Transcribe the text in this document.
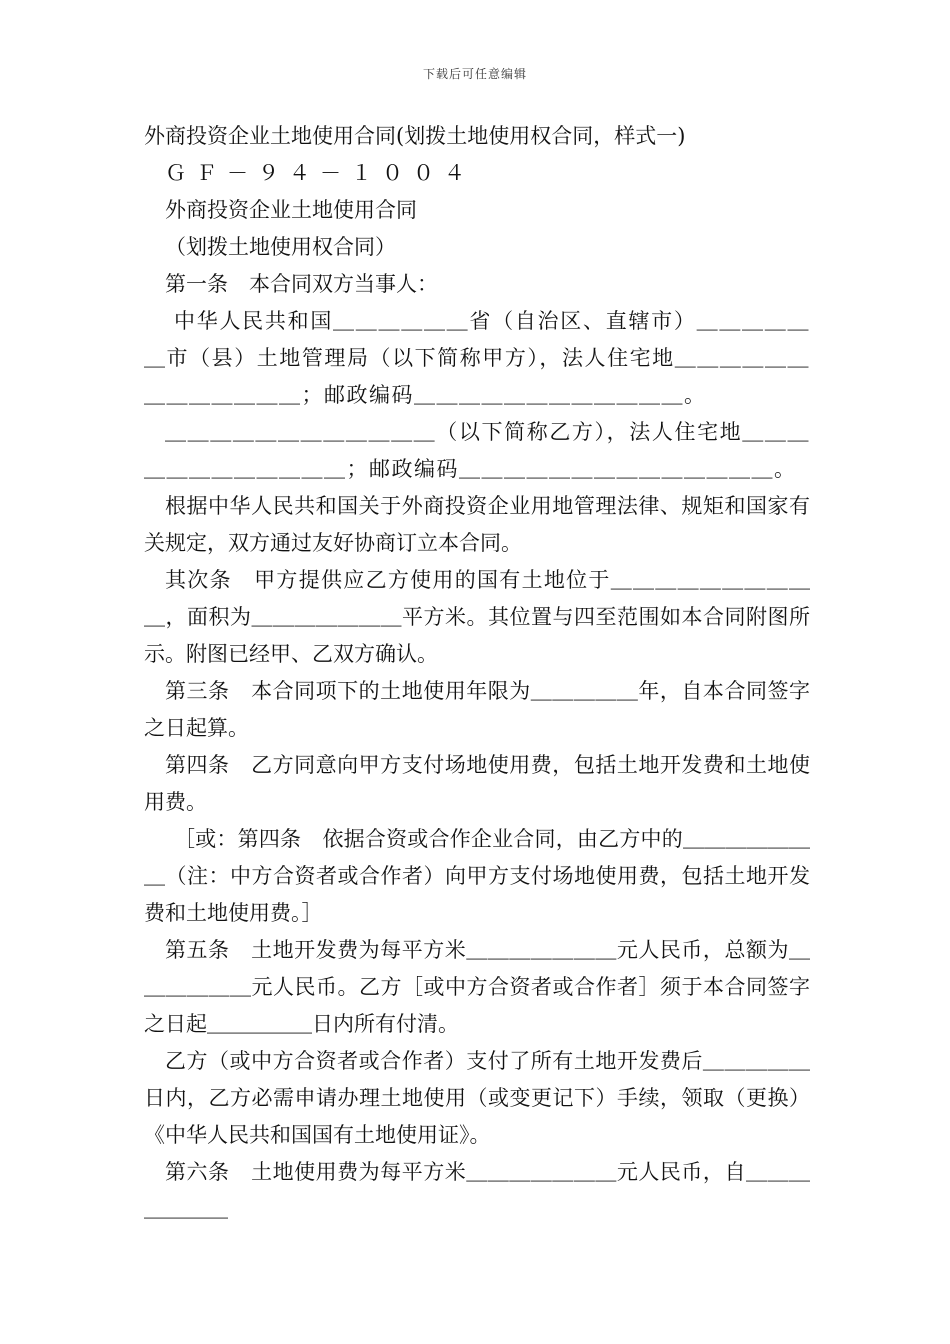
下载后可任意编辑

外商投资企业土地使用合同(划拨土地使用权合同，样式一)

ＧＦ－９４－１００４

外商投资企业土地使用合同

（划拨土地使用权合同）

第一条　本合同双方当事人：

中华人民共和国＿＿＿＿＿＿省（自治区、直辖市）＿＿＿＿＿＿市（县）土地管理局（以下简称甲方），法人住宅地＿＿＿＿＿＿＿＿＿＿＿＿＿；邮政编码＿＿＿＿＿＿＿＿＿＿＿＿。

＿＿＿＿＿＿＿＿＿＿＿＿（以下简称乙方），法人住宅地＿＿＿＿＿＿＿＿＿＿＿＿；邮政编码＿＿＿＿＿＿＿＿＿＿＿＿＿＿。

根据中华人民共和国关于外商投资企业用地管理法律、规矩和国家有关规定，双方通过友好协商订立本合同。

其次条　甲方提供应乙方使用的国有土地位于＿＿＿＿＿＿＿＿＿＿，面积为＿＿＿＿＿＿＿平方米。其位置与四至范围如本合同附图所示。附图已经甲、乙双方确认。

第三条　本合同项下的土地使用年限为＿＿＿＿＿年，自本合同签字之日起算。

第四条　乙方同意向甲方支付场地使用费，包括土地开发费和土地使用费。

［或：第四条　依据合资或合作企业合同，由乙方中的＿＿＿＿＿＿＿（注：中方合资者或合作者）向甲方支付场地使用费，包括土地开发费和土地使用费。］

第五条　土地开发费为每平方米＿＿＿＿＿＿＿元人民币，总额为＿＿＿＿＿＿元人民币。乙方［或中方合资者或合作者］须于本合同签字之日起＿＿＿＿＿日内所有付清。

乙方（或中方合资者或合作者）支付了所有土地开发费后＿＿＿＿＿日内，乙方必需申请办理土地使用（或变更记下）手续，领取（更换）《中华人民共和国国有土地使用证》。

第六条　土地使用费为每平方米＿＿＿＿＿＿＿元人民币，自＿＿＿＿＿＿＿
